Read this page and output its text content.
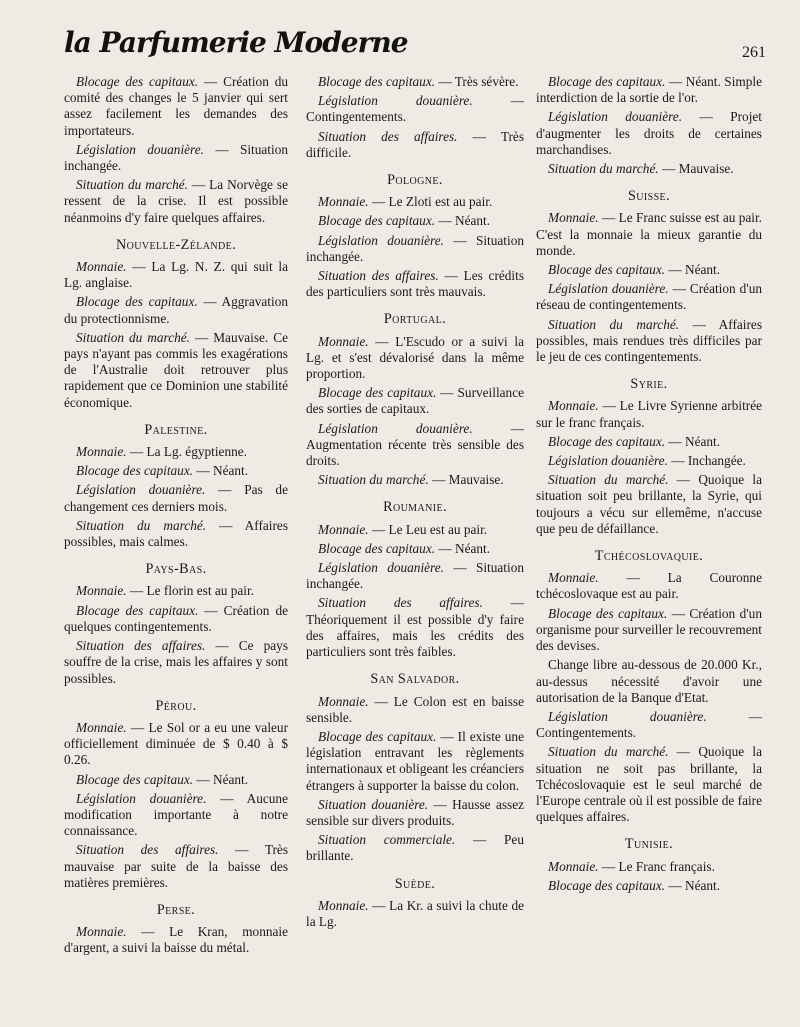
la Parfumerie Moderne	261

Blocage des capitaux. — Création du comité des changes le 5 janvier qui sert assez facilement les demandes des importateurs.

Législation douanière. — Situation inchangée.

Situation du marché. — La Norvège se ressent de la crise. Il est possible néanmoins d'y faire quelques affaires.

Nouvelle-Zélande.

Monnaie. — La Lg. N. Z. qui suit la Lg. anglaise.

Blocage des capitaux. — Aggravation du protectionnisme.

Situation du marché. — Mauvaise. Ce pays n'ayant pas commis les exagérations de l'Australie doit retrouver plus rapidement que ce Dominion une stabilité économique.

Palestine.

Monnaie. — La Lg. égyptienne.

Blocage des capitaux. — Néant.

Législation douanière. — Pas de changement ces derniers mois.

Situation du marché. — Affaires possibles, mais calmes.

Pays-Bas.

Monnaie. — Le florin est au pair.

Blocage des capitaux. — Création de quelques contingentements.

Situation des affaires. — Ce pays souffre de la crise, mais les affaires y sont possibles.

Pérou.

Monnaie. — Le Sol or a eu une valeur officiellement diminuée de $ 0.40 à $ 0.26.

Blocage des capitaux. — Néant.

Législation douanière. — Aucune modification importante à notre connaissance.

Situation des affaires. — Très mauvaise par suite de la baisse des matières premières.

Perse.

Monnaie. — Le Kran, monnaie d'argent, a suivi la baisse du métal.

Blocage des capitaux. — Très sévère.

Législation douanière. — Contingentements.

Situation des affaires. — Très difficile.

Pologne.

Monnaie. — Le Zloti est au pair.

Blocage des capitaux. — Néant.

Législation douanière. — Situation inchangée.

Situation des affaires. — Les crédits des particuliers sont très mauvais.

Portugal.

Monnaie. — L'Escudo or a suivi la Lg. et s'est dévalorisé dans la même proportion.

Blocage des capitaux. — Surveillance des sorties de capitaux.

Législation douanière. — Augmentation récente très sensible des droits.

Situation du marché. — Mauvaise.

Roumanie.

Monnaie. — Le Leu est au pair.

Blocage des capitaux. — Néant.

Législation douanière. — Situation inchangée.

Situation des affaires. — Théoriquement il est possible d'y faire des affaires, mais les crédits des particuliers sont très faibles.

San Salvador.

Monnaie. — Le Colon est en baisse sensible.

Blocage des capitaux. — Il existe une législation entravant les règlements internationaux et obligeant les créanciers étrangers à supporter la baisse du colon.

Situation douanière. — Hausse assez sensible sur divers produits.

Situation commerciale. — Peu brillante.

Suède.

Monnaie. — La Kr. a suivi la chute de la Lg.

Blocage des capitaux. — Néant. Simple interdiction de la sortie de l'or.

Législation douanière. — Projet d'augmenter les droits de certaines marchandises.

Situation du marché. — Mauvaise.

Suisse.

Monnaie. — Le Franc suisse est au pair. C'est la monnaie la mieux garantie du monde.

Blocage des capitaux. — Néant.

Législation douanière. — Création d'un réseau de contingentements.

Situation du marché. — Affaires possibles, mais rendues très difficiles par le jeu de ces contingentements.

Syrie.

Monnaie. — Le Livre Syrienne arbitrée sur le franc français.

Blocage des capitaux. — Néant.

Législation douanière. — Inchangée.

Situation du marché. — Quoique la situation soit peu brillante, la Syrie, qui toujours a vécu sur ellemême, n'accuse que peu de défaillance.

Tchécoslovaquie.

Monnaie. — La Couronne tchécoslovaque est au pair.

Blocage des capitaux. — Création d'un organisme pour surveiller le recouvrement des devises.

Change libre au-dessous de 20.000 Kr., au-dessus nécessité d'avoir une autorisation de la Banque d'Etat.

Législation douanière. — Contingentements.

Situation du marché. — Quoique la situation ne soit pas brillante, la Tchécoslovaquie est le seul marché de l'Europe centrale où il est possible de faire quelques affaires.

Tunisie.

Monnaie. — Le Franc français.

Blocage des capitaux. — Néant.
